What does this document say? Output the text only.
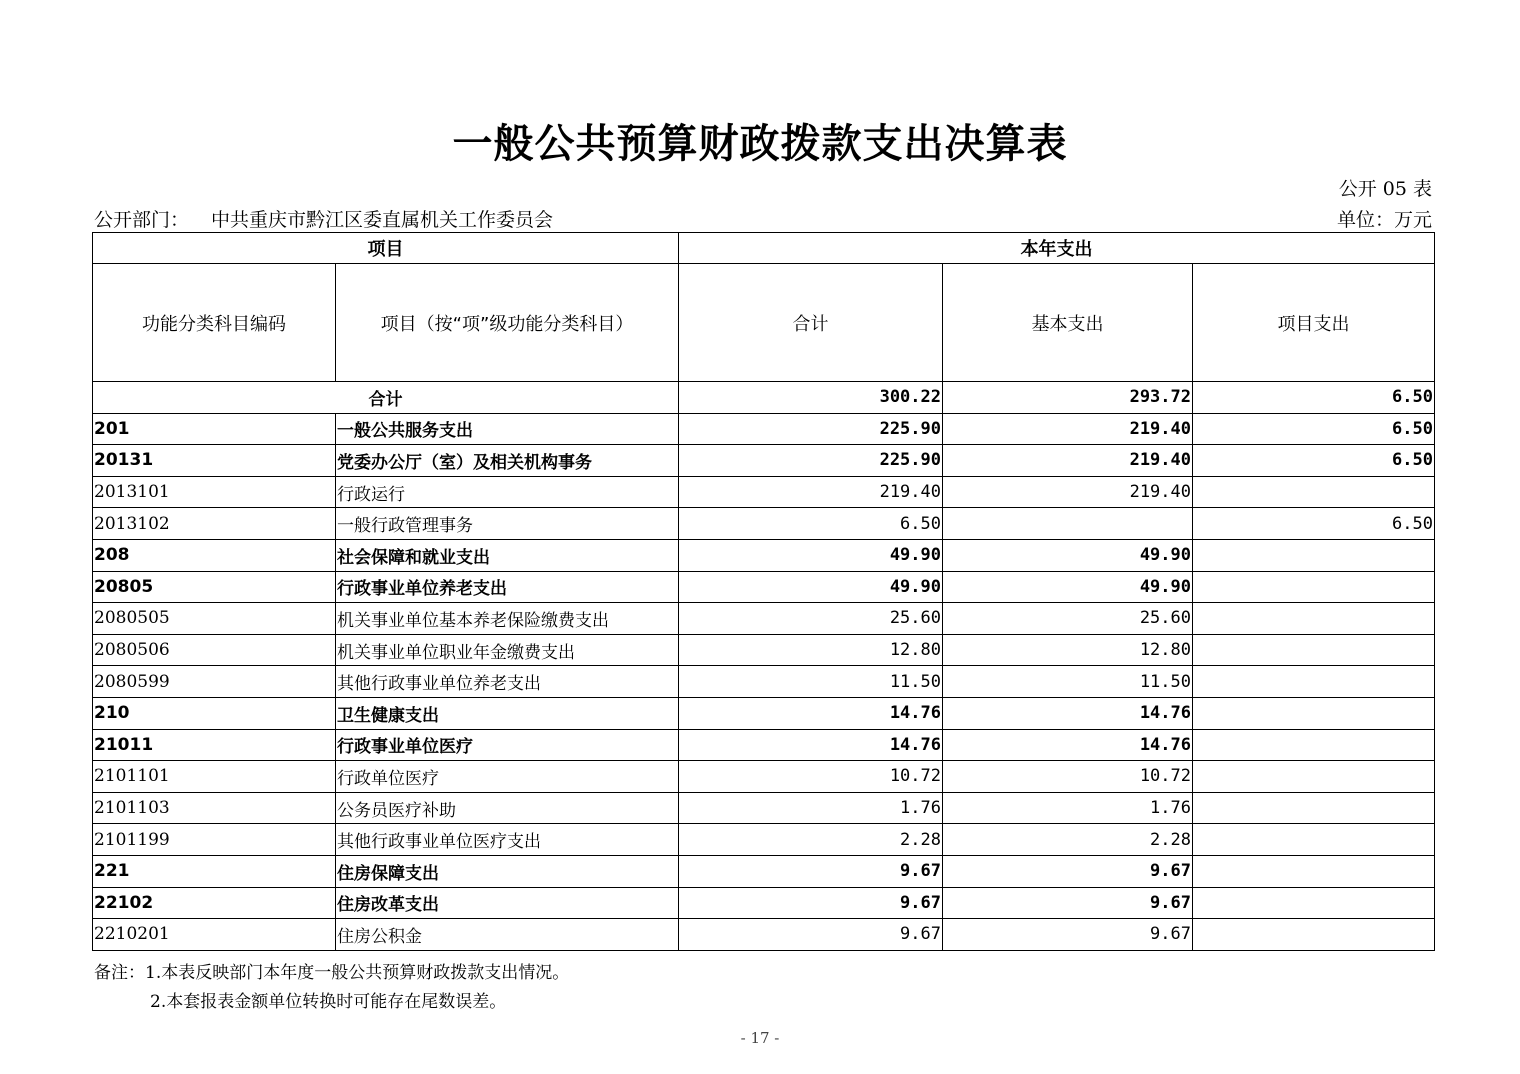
一般公共预算财政拨款支出决算表
公开 05 表
公开部门： 中共重庆市黔江区委直属机关工作委员会	单位：万元
项目		本年支出		
功能分类科目编码	项目（按“项”级功能分类科目）	合计	基本支出	项目支出
合计		300.22	293.72	6.50
201	一般公共服务支出	225.90	219.40	6.50
20131	党委办公厅（室）及相关机构事务	225.90	219.40	6.50
2013101	行政运行	219.40	219.40	
2013102	一般行政管理事务	6.50		6.50
208	社会保障和就业支出	49.90	49.90	
20805	行政事业单位养老支出	49.90	49.90	
2080505	机关事业单位基本养老保险缴费支出	25.60	25.60	
2080506	机关事业单位职业年金缴费支出	12.80	12.80	
2080599	其他行政事业单位养老支出	11.50	11.50	
210	卫生健康支出	14.76	14.76	
21011	行政事业单位医疗	14.76	14.76	
2101101	行政单位医疗	10.72	10.72	
2101103	公务员医疗补助	1.76	1.76	
2101199	其他行政事业单位医疗支出	2.28	2.28	
221	住房保障支出	9.67	9.67	
22102	住房改革支出	9.67	9.67	
2210201	住房公积金	9.67	9.67	
备注：1.本表反映部门本年度一般公共预算财政拨款支出情况。
2.本套报表金额单位转换时可能存在尾数误差。
- 17 -
